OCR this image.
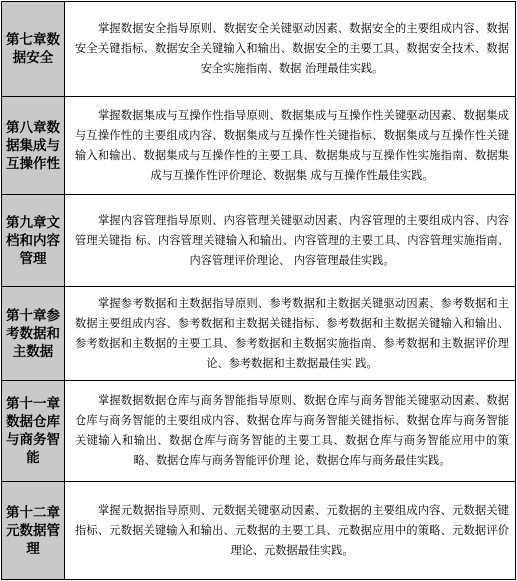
第七章数据安全	掌握数据安全指导原则、数据安全关键驱动因素、数据安全的主要组成内容、数据安全关键指标、数据安全关键输入和输出、数据安全的主要工具、数据安全技术、数据安全实施指南、数据 治理最佳实践。

第八章数据集成与互操作性	掌握数据集成与互操作性指导原则、数据集成与互操作性关键驱动因素、数据集成与互操作性的主要组成内容、数据集成与互操作性关键指标、数据集成与互操作性关键输入和输出、数据集成与互操作性的主要工具、数据集成与互操作性实施指南、数据集成与互操作性评价理论、数据集 成与互操作性最佳实践。

第九章文档和内容管理	掌握内容管理指导原则、内容管理关键驱动因素、内容管理的主要组成内容、内容管理关键指 标、内容管理关键输入和输出、内容管理的主要工具、内容管理实施指南、内容管理评价理论、 内容管理最佳实践。

第十章参考数据和主数据	掌握参考数据和主数据指导原则、参考数据和主数据关键驱动因素、参考数据和主数据主要组成内容、参考数据和主数据关键指标、参考数据和主数据关键输入和输出、参考数据和主数据的主要工具、参考数据和主数据实施指南、参考数据和主数据评价理论、参考数据和主数据最佳实 践。

第十一章数据仓库与商务智能	掌握数据数据仓库与商务智能指导原则、数据仓库与商务智能关键驱动因素、数据仓库与商务智能的主要组成内容、数据仓库与商务智能关键指标、数据仓库与商务智能关键输入和输出、数据仓库与商务智能的主要工具、数据仓库与商务智能应用中的策 略、数据仓库与商务智能评价理 论、数据仓库与商务最佳实践。

第十二章元数据管理	掌握元数据指导原则、元数据关键驱动因素、元数据的主要组成内容、元数据关键指标、元数据关键输入和输出、元数据的主要工具、元数据应用中的策略、元数据评价理论、元数据最佳实践。
